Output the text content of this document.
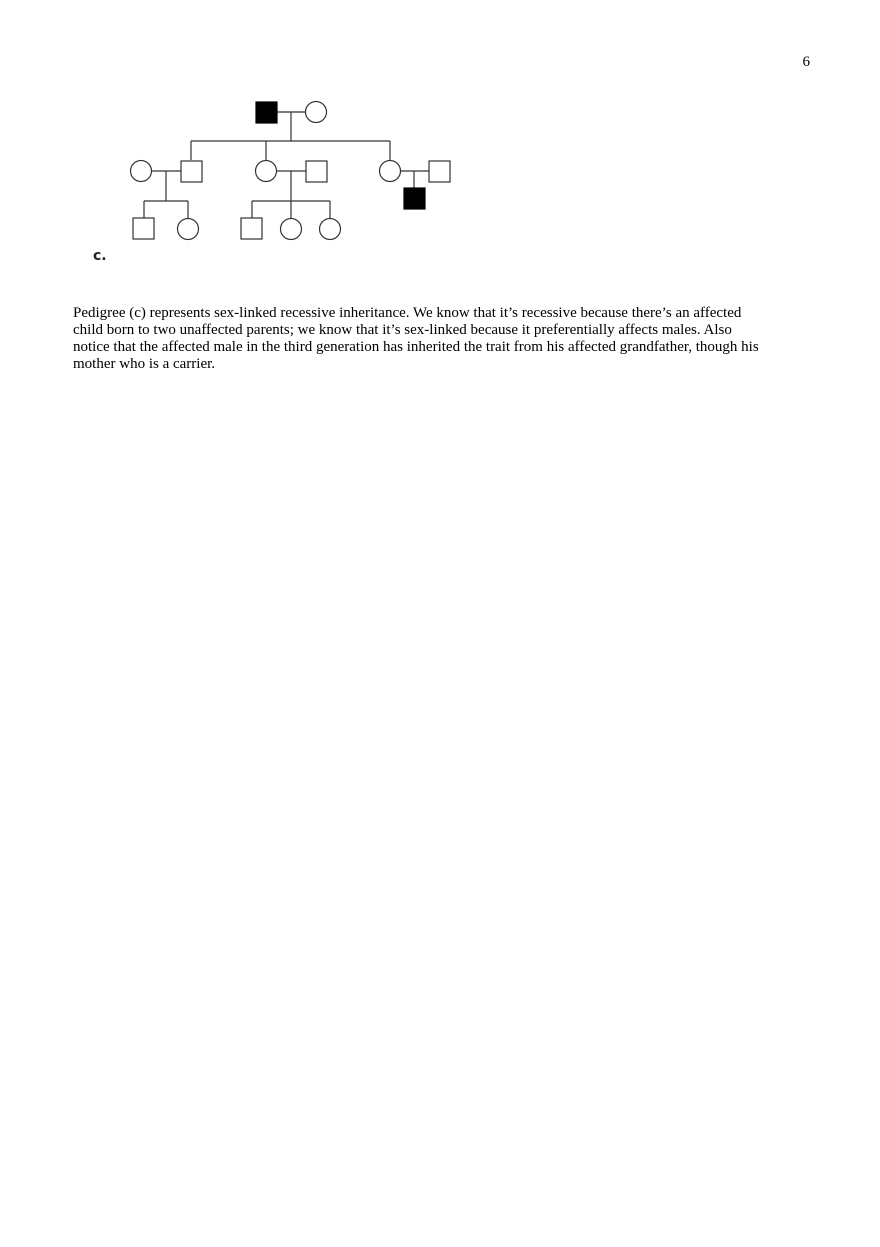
6
c.

Pedigree (c) represents sex-linked recessive inheritance. We know that it’s recessive because there’s an affected
child born to two unaffected parents; we know that it’s sex-linked because it preferentially affects males. Also
notice that the affected male in the third generation has inherited the trait from his affected grandfather, though his
mother who is a carrier.
